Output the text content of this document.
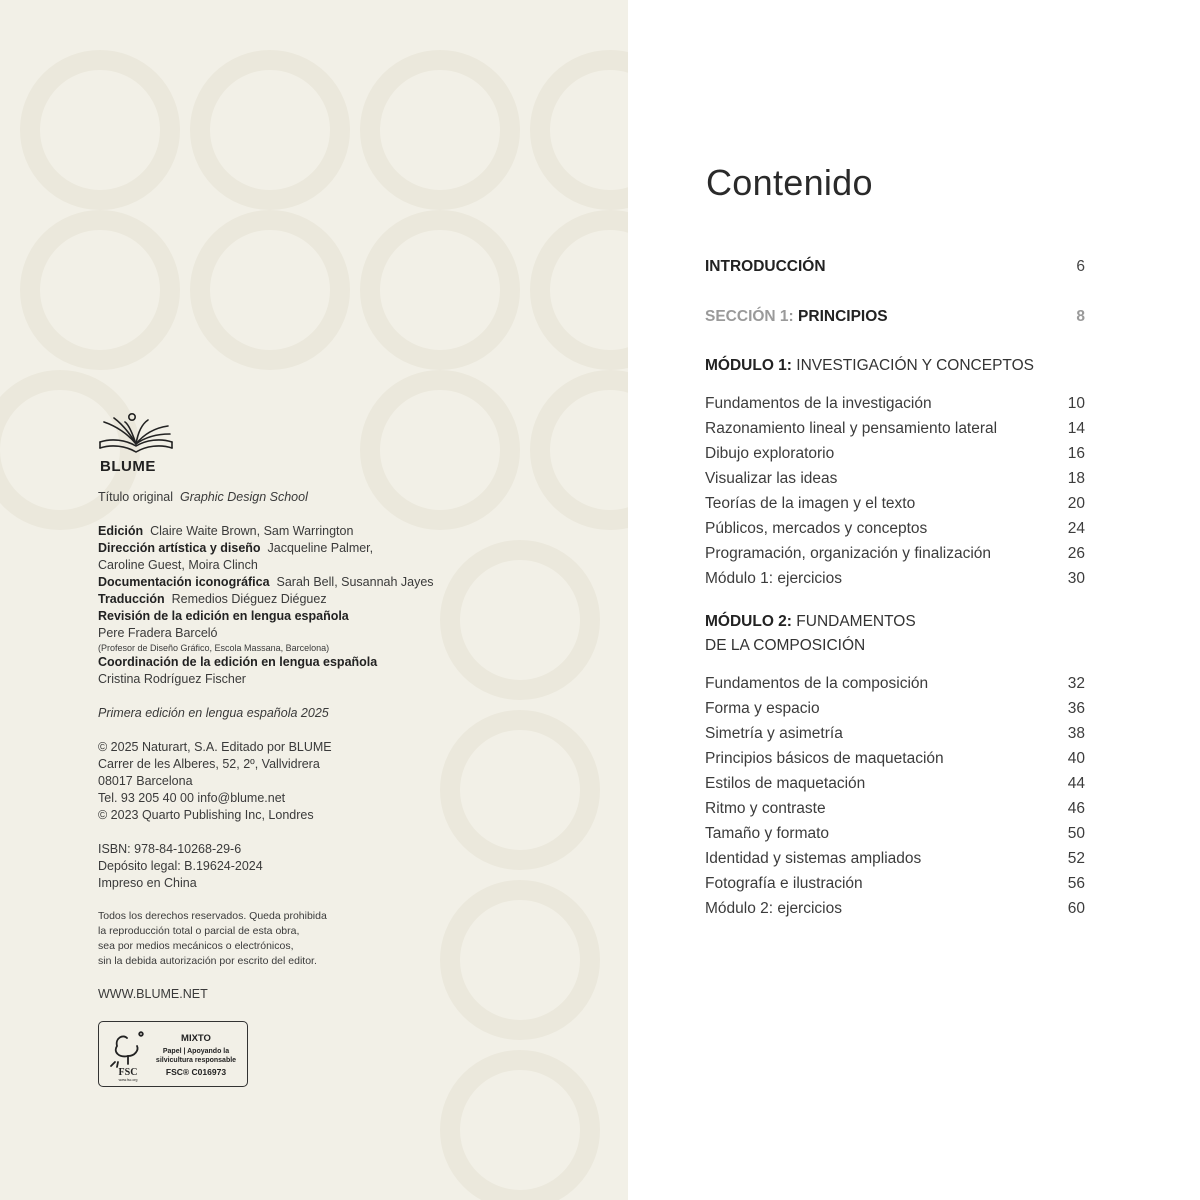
BLUME

Título original Graphic Design School

Edición Claire Waite Brown, Sam Warrington

Dirección artística y diseño Jacqueline Palmer,

Caroline Guest, Moira Clinch

Documentación iconográfica Sarah Bell, Susannah Jayes

Traducción Remedios Diéguez Diéguez

Revisión de la edición en lengua española

Pere Fradera Barceló

(Profesor de Diseño Gráfico, Escola Massana, Barcelona)

Coordinación de la edición en lengua española

Cristina Rodríguez Fischer

Primera edición en lengua española 2025

© 2025 Naturart, S.A. Editado por BLUME

Carrer de les Alberes, 52, 2º, Vallvidrera

08017 Barcelona

Tel. 93 205 40 00 info@blume.net

© 2023 Quarto Publishing Inc, Londres

ISBN: 978-84-10268-29-6

Depósito legal: B.19624-2024

Impreso en China

Todos los derechos reservados. Queda prohibida

la reproducción total o parcial de esta obra,

sea por medios mecánicos o electrónicos,

sin la debida autorización por escrito del editor.

WWW.BLUME.NET

FSC
www.fsc.org
MIXTO
Papel | Apoyando la
silvicultura responsable
FSC® C016973
Contenido
INTRODUCCIÓN	6
SECCIÓN 1: PRINCIPIOS	8
MÓDULO 1: INVESTIGACIÓN Y CONCEPTOS
Fundamentos de la investigación	10
Razonamiento lineal y pensamiento lateral	14
Dibujo exploratorio	16
Visualizar las ideas	18
Teorías de la imagen y el texto	20
Públicos, mercados y conceptos	24
Programación, organización y finalización	26
Módulo 1: ejercicios	30
MÓDULO 2: FUNDAMENTOS
DE LA COMPOSICIÓN
Fundamentos de la composición	32
Forma y espacio	36
Simetría y asimetría	38
Principios básicos de maquetación	40
Estilos de maquetación	44
Ritmo y contraste	46
Tamaño y formato	50
Identidad y sistemas ampliados	52
Fotografía e ilustración	56
Módulo 2: ejercicios	60
